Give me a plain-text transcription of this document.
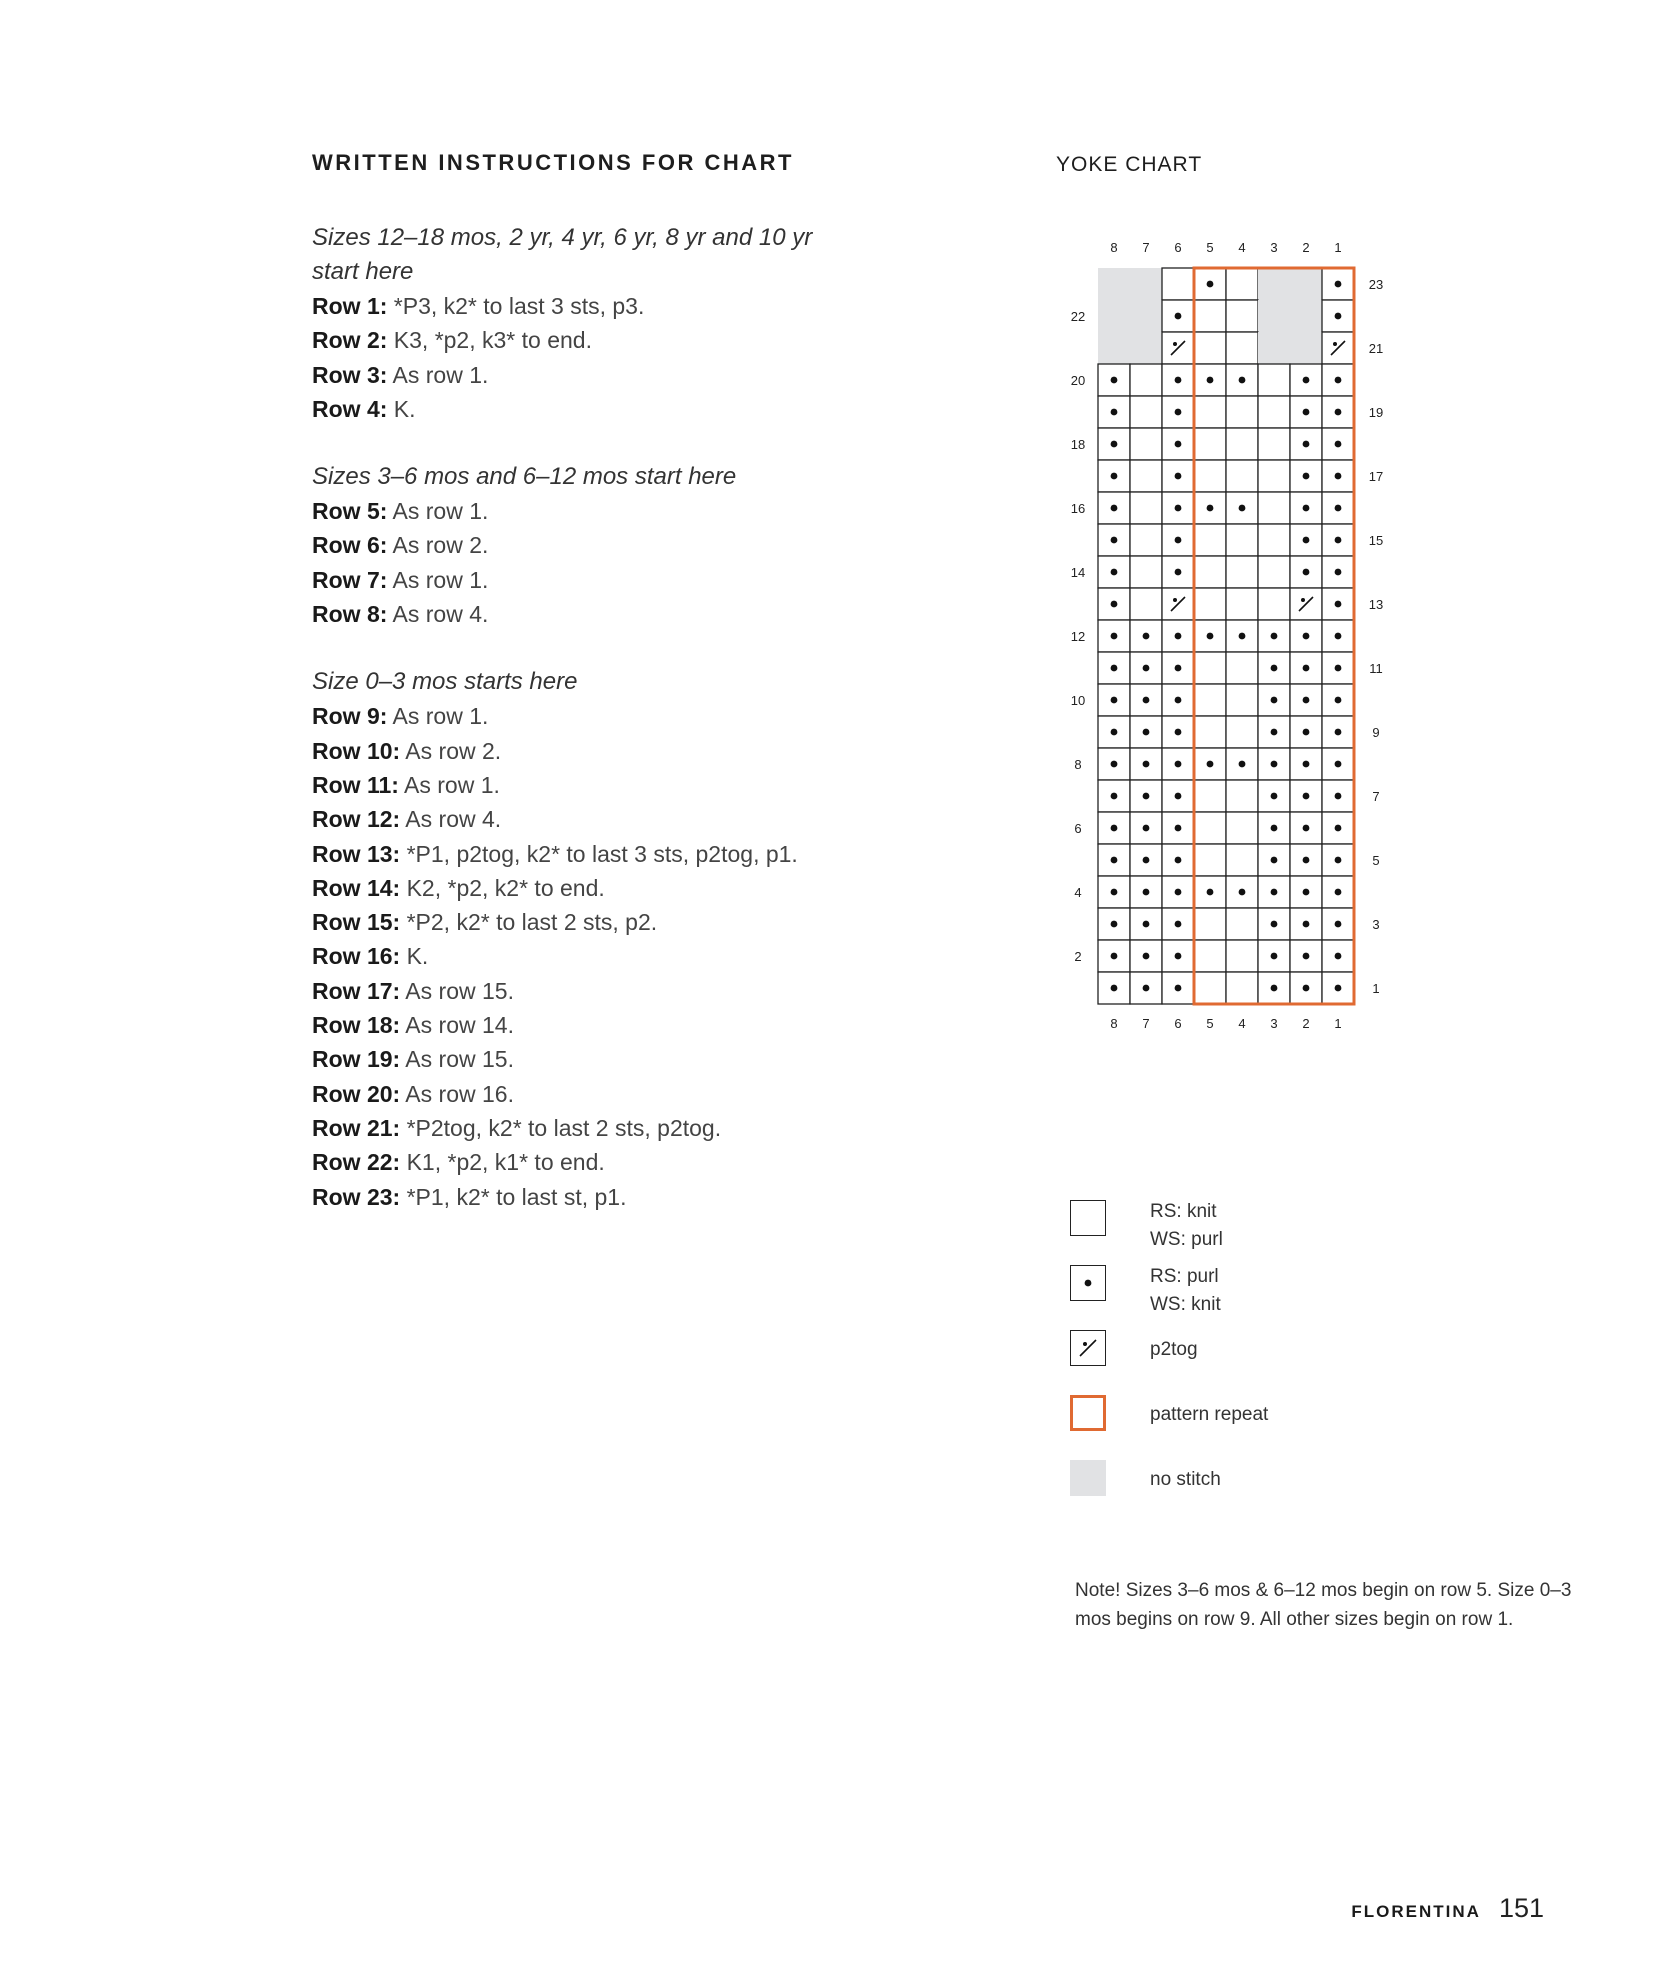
WRITTEN INSTRUCTIONS FOR CHART

Sizes 12–18 mos, 2 yr, 4 yr, 6 yr, 8 yr and 10 yr

start here

Row 1: *P3, k2* to last 3 sts, p3.

Row 2: K3, *p2, k3* to end.

Row 3: As row 1.

Row 4: K.

Sizes 3–6 mos and 6–12 mos start here

Row 5: As row 1.

Row 6: As row 2.

Row 7: As row 1.

Row 8: As row 4.

Size 0–3 mos starts here

Row 9: As row 1.

Row 10: As row 2.

Row 11: As row 1.

Row 12: As row 4.

Row 13: *P1, p2tog, k2* to last 3 sts, p2tog, p1.

Row 14: K2, *p2, k2* to end.

Row 15: *P2, k2* to last 2 sts, p2.

Row 16: K.

Row 17: As row 15.

Row 18: As row 14.

Row 19: As row 15.

Row 20: As row 16.

Row 21: *P2tog, k2* to last 2 sts, p2tog.

Row 22: K1, *p2, k1* to end.

Row 23: *P1, k2* to last st, p1.

YOKE CHART
8
8
7
7
6
6
5
5
4
4
3
3
2
2
1
1
22
20
18
16
14
12
10
8
6
4
2
23
21
19
17
15
13
11
9
7
5
3
1
RS: knit
WS: purl
RS: purl
WS: knit
p2tog
pattern repeat
no stitch

Note! Sizes 3–6 mos & 6–12 mos begin on row 5. Size 0–3 mos begins on row 9. All other sizes begin on row 1.

FLORENTINA 151
